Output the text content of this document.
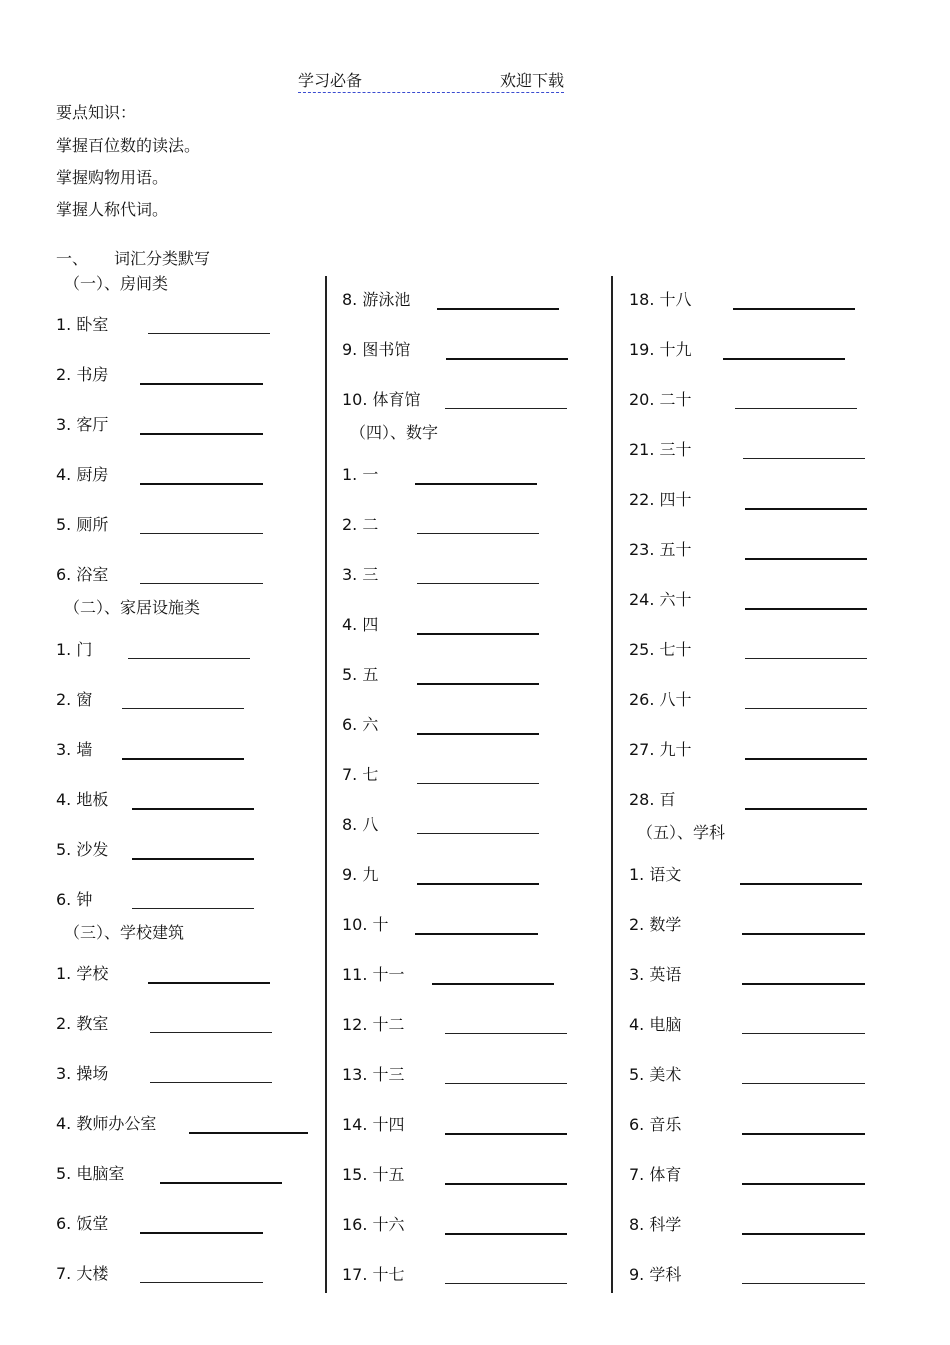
学习必备	欢迎下载
要点知识：
掌握百位数的读法。
掌握购物用语。
掌握人称代词。
一、 词汇分类默写
（一）、房间类
1. 卧室
2. 书房
3. 客厅
4. 厨房
5. 厕所
6. 浴室
（二）、家居设施类
1. 门
2. 窗
3. 墙
4. 地板
5. 沙发
6. 钟
（三）、学校建筑
1. 学校
2. 教室
3. 操场
4. 教师办公室
5. 电脑室
6. 饭堂
7. 大楼
8. 游泳池
9. 图书馆
10. 体育馆
（四）、数字
1. 一
2. 二
3. 三
4. 四
5. 五
6. 六
7. 七
8. 八
9. 九
10. 十
11. 十一
12. 十二
13. 十三
14. 十四
15. 十五
16. 十六
17. 十七
18. 十八
19. 十九
20. 二十
21. 三十
22. 四十
23. 五十
24. 六十
25. 七十
26. 八十
27. 九十
28. 百
（五）、学科
1. 语文
2. 数学
3. 英语
4. 电脑
5. 美术
6. 音乐
7. 体育
8. 科学
9. 学科
